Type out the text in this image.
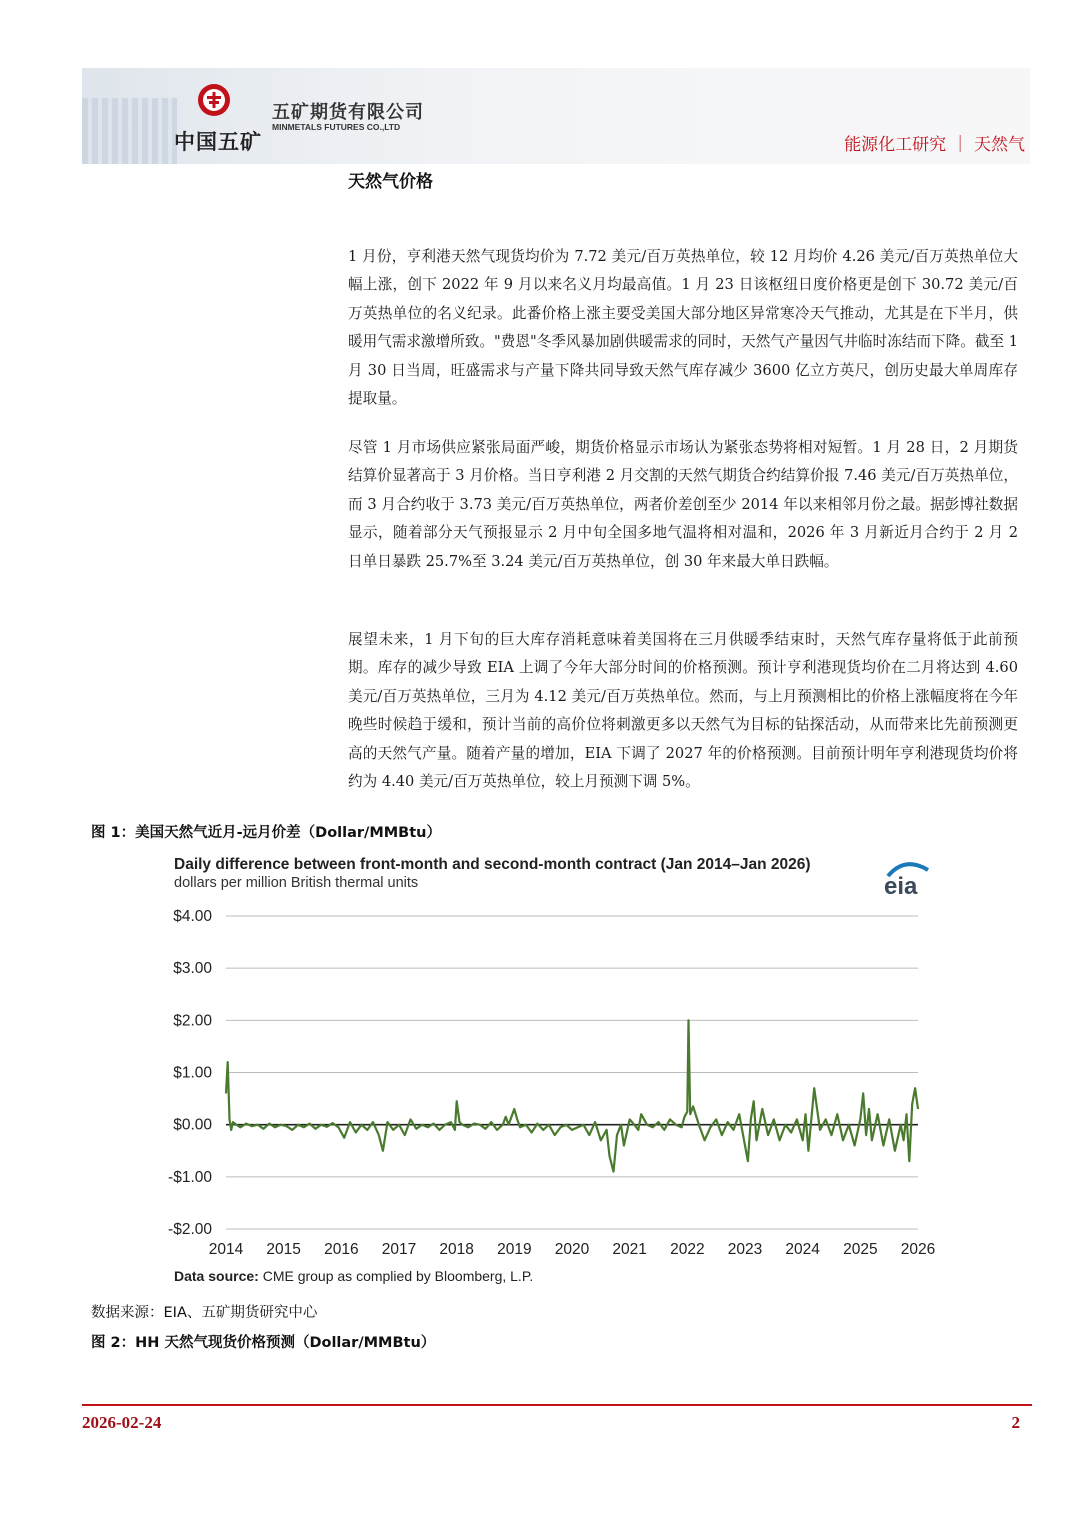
中国五矿
五矿期货有限公司
MINMETALS FUTURES CO.,LTD
能源化工研究 ｜ 天然气
天然气价格

1 月份，亨利港天然气现货均价为 7.72 美元/百万英热单位，较 12 月均价 4.26 美元/百万英热单位大幅上涨，创下 2022 年 9 月以来名义月均最高值。1 月 23 日该枢纽日度价格更是创下 30.72 美元/百万英热单位的名义纪录。此番价格上涨主要受美国大部分地区异常寒冷天气推动，尤其是在下半月，供暖用气需求激增所致。"费恩"冬季风暴加剧供暖需求的同时，天然气产量因气井临时冻结而下降。截至 1 月 30 日当周，旺盛需求与产量下降共同导致天然气库存减少 3600 亿立方英尺，创历史最大单周库存提取量。

尽管 1 月市场供应紧张局面严峻，期货价格显示市场认为紧张态势将相对短暂。1 月 28 日，2 月期货结算价显著高于 3 月价格。当日亨利港 2 月交割的天然气期货合约结算价报 7.46 美元/百万英热单位，而 3 月合约收于 3.73 美元/百万英热单位，两者价差创至少 2014 年以来相邻月份之最。据彭博社数据显示，随着部分天气预报显示 2 月中旬全国多地气温将相对温和，2026 年 3 月新近月合约于 2 月 2 日单日暴跌 25.7%至 3.24 美元/百万英热单位，创 30 年来最大单日跌幅。

展望未来，1 月下旬的巨大库存消耗意味着美国将在三月供暖季结束时，天然气库存量将低于此前预期。库存的减少导致 EIA 上调了今年大部分时间的价格预测。预计亨利港现货均价在二月将达到 4.60 美元/百万英热单位，三月为 4.12 美元/百万英热单位。然而，与上月预测相比的价格上涨幅度将在今年晚些时候趋于缓和，预计当前的高价位将刺激更多以天然气为目标的钻探活动，从而带来比先前预测更高的天然气产量。随着产量的增加，EIA 下调了 2027 年的价格预测。目前预计明年亨利港现货均价将约为 4.40 美元/百万英热单位，较上月预测下调 5%。

图 1：美国天然气近月-远月价差（Dollar/MMBtu）
Daily difference between front-month and second-month contract (Jan 2014–Jan 2026)
dollars per million British thermal units	eia
$4.00
$3.00
$2.00
$1.00
$0.00
-$1.00
-$2.00
2014 2015 2016 2017 2018 2019 2020 2021 2022 2023 2024 2025 2026
Data source: CME group as complied by Bloomberg, L.P.
数据来源：EIA、五矿期货研究中心
图 2：HH 天然气现货价格预测（Dollar/MMBtu）
2026-02-24	2
